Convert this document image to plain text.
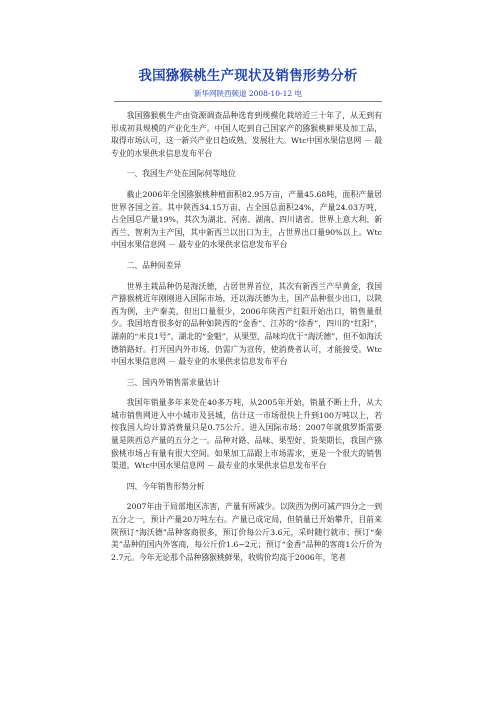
我国猕猴桃生产现状及销售形势分析
新华网陕西频道 2008-10-12 电

我国猕猴桃生产由资源调查品种选育到规模化栽培近三十年了，从无到有形成初具规模的产业化生产。中国人吃到自己国家产的猕猴桃鲜果及加工品，取得市场认可，这一新兴产业日趋成熟、发展壮大。Wtc中国水果信息网 － 最专业的水果供求信息发布平台

一、我国生产处在国际何等地位

截止2006年全国猕猴桃种植面积82.95万亩，产量45.68吨，面积产量居世界各国之首。其中陕西34.15万亩，占全国总面积24%，产量24.03万吨，占全国总产量19%，其次为湖北、河南、湖南、四川诸省。世界上意大利、新西兰、智利为主产国，其中新西兰以出口为主，占世界出口量90%以上。Wtc中国水果信息网 － 最专业的水果供求信息发布平台

二、品种间差异

世界主栽品种仍是海沃德，占居世界首位，其次有新西兰产早黄金，我国产猕猴桃近年刚刚进入国际市场，还以海沃德为主，国产品种很少出口，以陕西为例，主产秦美，但出口量很少，2006年陕西产红阳开始出口，销售量很少。我国培育很多好的品种如陕西的“金香”、江苏的“徐香”，四川的“红阳”，湖南的“米良1号”，湖北的“金魁”，从果型、品味均优于“海沃德”，但不如海沃德销路好。打开国内外市场，仍需广为宣传，使消费者认可，才能接受。Wtc中国水果信息网 － 最专业的水果供求信息发布平台

三、国内外销售需求量估计

我国年销量多年来处在40多万吨，从2005年开始，销量不断上升，从大城市销售网进入中小城市及县城，估计这一市场很快上升到100万吨以上，若按我国人均计算消费量只是0.75公斤。进入国际市场：2007年就俄罗斯需要量是陕西总产量的五分之一。品种对路、品味、果型好、货架期长，我国产猕猴桃市场占有量有很大空间。如果加工品跟上市场需求，更是一个很大的销售渠道。Wtc中国水果信息网 － 最专业的水果供求信息发布平台

四、今年销售形势分析

2007年由于局部地区冻害，产量有所减少。以陕西为例可减产四分之一到五分之一，预计产量20万吨左右。产量已成定局，但销量已开始攀升，目前来陕预订“海沃德”品种客商很多，预订价每公斤3.6元，采时随行就市；预订“秦美”品种的国内外客商，每公斤价1.6~2元；预订“金香”品种的客商1公斤价为2.7元。今年无论那个品种猕猴桃鲜果，收购价均高于2006年，笔者
